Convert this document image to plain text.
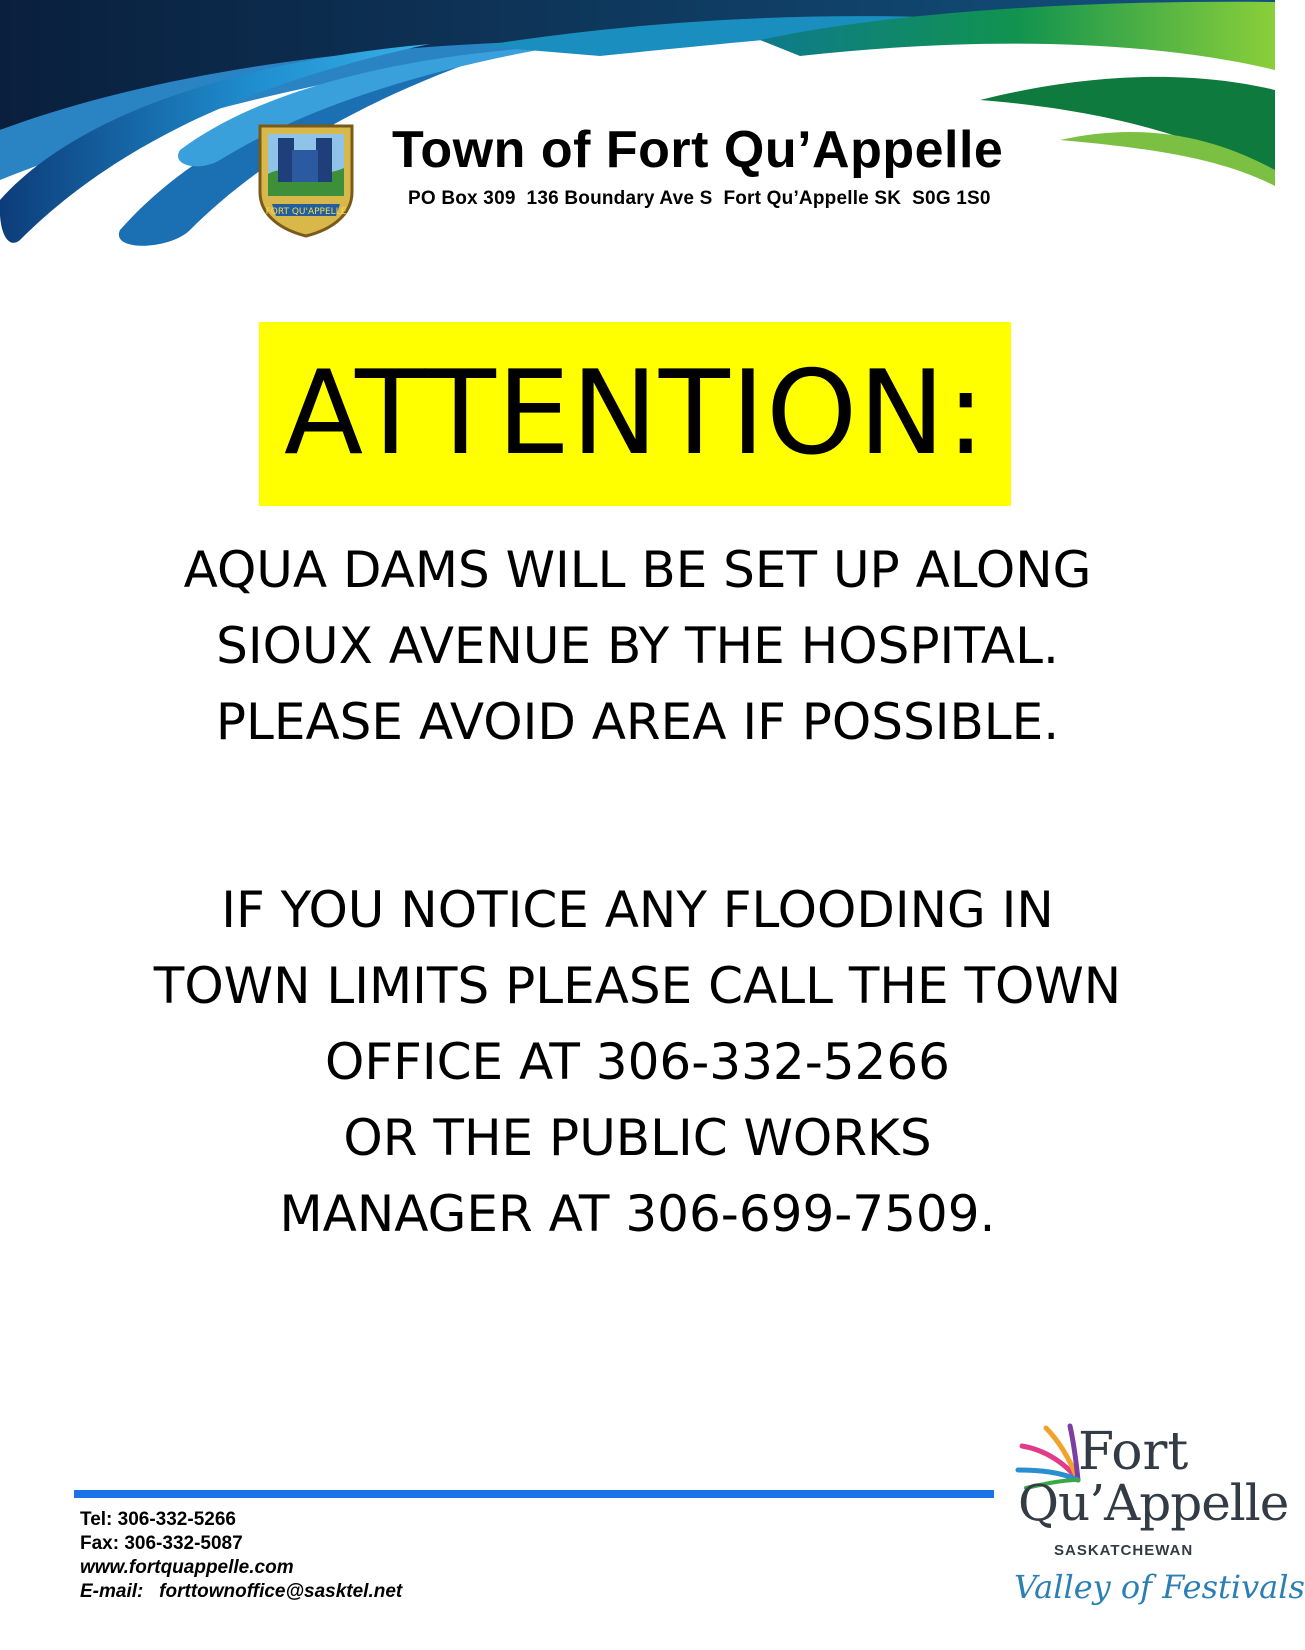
FORT QU'APPELLE
Town of Fort Qu’Appelle
PO Box 309  136 Boundary Ave S  Fort Qu’Appelle SK  S0G 1S0
ATTENTION:
AQUA DAMS WILL BE SET UP ALONG
SIOUX AVENUE BY THE HOSPITAL.
PLEASE AVOID AREA IF POSSIBLE.
IF YOU NOTICE ANY FLOODING IN
TOWN LIMITS PLEASE CALL THE TOWN
OFFICE AT 306-332-5266
OR THE PUBLIC WORKS
MANAGER AT 306-699-7509.
Tel: 306-332-5266
Fax: 306-332-5087
www.fortquappelle.com
E-mail:   forttownoffice@sasktel.net
Fort
Qu’Appelle
SASKATCHEWAN
Valley of Festivals
